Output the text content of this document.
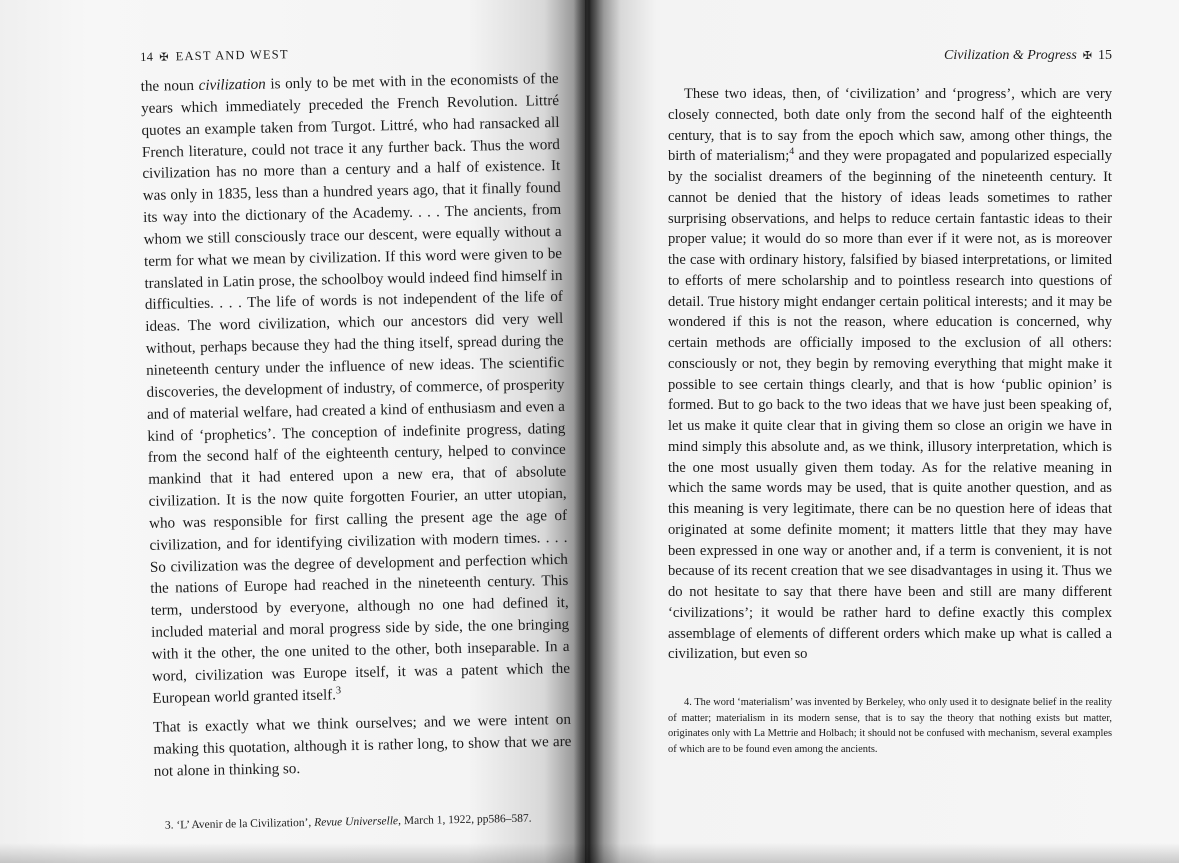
14 ✠ EAST AND WEST

the noun civilization is only to be met with in the economists of the years which immediately preceded the French Revolution. Littré quotes an example taken from Turgot. Littré, who had ransacked all French literature, could not trace it any further back. Thus the word civilization has no more than a century and a half of existence. It was only in 1835, less than a hundred years ago, that it finally found its way into the dictionary of the Academy. . . . The ancients, from whom we still consciously trace our descent, were equally without a term for what we mean by civilization. If this word were given to be translated in Latin prose, the schoolboy would indeed find himself in difficulties. . . . The life of words is not independent of the life of ideas. The word civilization, which our ancestors did very well without, perhaps because they had the thing itself, spread during the nineteenth century under the influence of new ideas. The scientific discoveries, the development of industry, of commerce, of prosperity and of material welfare, had created a kind of enthusiasm and even a kind of ‘prophetics’. The conception of indefinite progress, dating from the second half of the eighteenth century, helped to convince mankind that it had entered upon a new era, that of absolute civilization. It is the now quite forgotten Fourier, an utter utopian, who was responsible for first calling the present age the age of civilization, and for identifying civilization with modern times. . . . So civilization was the degree of development and perfection which the nations of Europe had reached in the nineteenth century. This term, understood by everyone, although no one had defined it, included material and moral progress side by side, the one bringing with it the other, the one united to the other, both inseparable. In a word, civilization was Europe itself, it was a patent which the European world granted itself.$^3$

That is exactly what we think ourselves; and we were intent on making this quotation, although it is rather long, to show that we are not alone in thinking so.

3. ‘L’ Avenir de la Civilization’, Revue Universelle, March 1, 1922, pp586–587.
Civilization & Progress ✠ 15

These two ideas, then, of ‘civilization’ and ‘progress’, which are very closely connected, both date only from the second half of the eighteenth century, that is to say from the epoch which saw, among other things, the birth of materialism;$^4$ and they were propagated and popularized especially by the socialist dreamers of the beginning of the nineteenth century. It cannot be denied that the history of ideas leads sometimes to rather surprising observations, and helps to reduce certain fantastic ideas to their proper value; it would do so more than ever if it were not, as is moreover the case with ordinary history, falsified by biased interpretations, or limited to efforts of mere scholarship and to pointless research into questions of detail. True history might endanger certain political interests; and it may be wondered if this is not the reason, where education is concerned, why certain methods are officially imposed to the exclusion of all others: consciously or not, they begin by removing everything that might make it possible to see certain things clearly, and that is how ‘public opinion’ is formed. But to go back to the two ideas that we have just been speaking of, let us make it quite clear that in giving them so close an origin we have in mind simply this absolute and, as we think, illusory interpretation, which is the one most usually given them today. As for the relative meaning in which the same words may be used, that is quite another question, and as this meaning is very legitimate, there can be no question here of ideas that originated at some definite moment; it matters little that they may have been expressed in one way or another and, if a term is convenient, it is not because of its recent creation that we see disadvantages in using it. Thus we do not hesitate to say that there have been and still are many different ‘civilizations’; it would be rather hard to define exactly this complex assemblage of elements of different orders which make up what is called a civilization, but even so

4. The word ‘materialism’ was invented by Berkeley, who only used it to designate belief in the reality of matter; materialism in its modern sense, that is to say the theory that nothing exists but matter, originates only with La Mettrie and Holbach; it should not be confused with mechanism, several examples of which are to be found even among the ancients.
